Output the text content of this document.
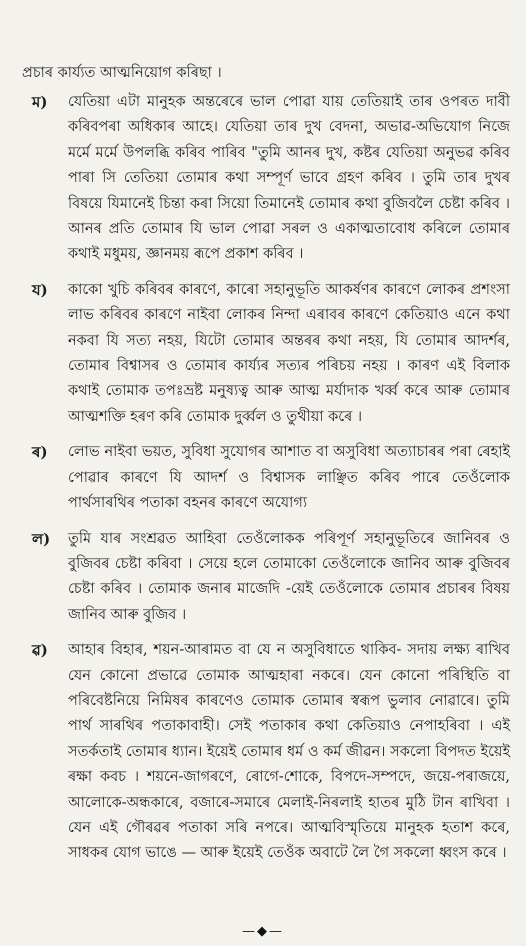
প্ৰচাৰ কাৰ্য্যত আত্মনিয়োগ কৰিছা ।
ম)	যেতিয়া এটা মানুহক অন্তৰেৰে ভাল পোৱা যায় তেতিয়াই তাৰ ওপৰত দাবী কৰিবপৰা অধিকাৰ আহে। যেতিয়া তাৰ দুখ বেদনা, অভাৱ-অভিযোগ নিজে মৰ্মে মৰ্মে উপলব্ধি কৰিব পাৰিব "তুমি আনৰ দুখ, কষ্টৰ যেতিয়া অনুভৱ কৰিব পাৰা সি তেতিয়া তোমাৰ কথা সম্পূৰ্ণ ভাবে গ্ৰহণ কৰিব । তুমি তাৰ দুখৰ বিষয়ে যিমানেই চিন্তা কৰা সিয়ো তিমানেই তোমাৰ কথা বুজিবলৈ চেষ্টা কৰিব । আনৰ প্ৰতি তোমাৰ যি ভাল পোৱা সৰল ও একাত্মতাবোধ কৰিলে তোমাৰ কথাই মধুময়, জ্ঞানময় ৰূপে প্ৰকাশ কৰিব ।
য)	কাকো খুচি কৰিবৰ কাৰণে, কাৰো সহানুভূতি আকৰ্ষণৰ কাৰণে লোকৰ প্ৰশংসা লাভ কৰিবৰ কাৰণে নাইবা লোকৰ নিন্দা এৰাবৰ কাৰণে কেতিয়াও এনে কথা নকবা যি সত্য নহয়, যিটো তোমাৰ অন্তৰৰ কথা নহয়, যি তোমাৰ আদৰ্শৰ, তোমাৰ বিশ্বাসৰ ও তোমাৰ কাৰ্য্যৰ সত্যৰ পৰিচয় নহয় । কাৰণ এই বিলাক কথাই তোমাক তপঃভ্ৰষ্ট মনুষ্যত্ব আৰু আত্ম মৰ্যাদাক খৰ্ব্ব কৰে আৰু তোমাৰ আত্মশক্তি হৰণ কৰি তোমাক দুৰ্ব্বল ও তুথীয়া কৰে ।
ৰ)	লোভ নাইবা ভয়ত, সুবিধা সুযোগৰ আশাত বা অসুবিধা অত্যাচাৰৰ পৰা ৰেহাই পোৱাৰ কাৰণে যি আদৰ্শ ও বিশ্বাসক লাঞ্ছিত কৰিব পাৰে তেওঁলোক পাৰ্থসাৰথিৰ পতাকা বহনৰ কাৰণে অযোগ্য
ল)	তুমি যাৰ সংশ্ৰৱত আহিবা তেওঁলোকক পৰিপূৰ্ণ সহানুভূতিৰে জানিবৰ ও বুজিবৰ চেষ্টা কৰিবা । সেয়ে হলে তোমাকো তেওঁলোকে জানিব আৰু বুজিবৰ চেষ্টা কৰিব । তোমাক জনাৰ মাজেদি -য়েই তেওঁলোকে তোমাৰ প্ৰচাৰৰ বিষয় জানিব আৰু বুজিব ।
ৱ)	আহাৰ বিহাৰ, শয়ন-আৰামত বা যে ন অসুবিধাতে থাকিব- সদায় লক্ষ্য ৰাখিব যেন কোনো প্ৰভাৱে তোমাক আত্মহাৰা নকৰে। যেন কোনো পৰিস্থিতি বা পৰিবেষ্টনিয়ে নিমিষৰ কাৰণেও তোমাক তোমাৰ স্বৰূপ ভুলাব নোৱাৰে। তুমি পাৰ্থ সাৰথিৰ পতাকাবাহী। সেই পতাকাৰ কথা কেতিয়াও নেপাহৰিবা । এই সতৰ্কতাই তোমাৰ ধ্যান। ইয়েই তোমাৰ ধৰ্ম ও কৰ্ম জীৱন। সকলো বিপদত ইয়েই ৰক্ষা কবচ । শয়নে-জাগৰণে, ৰোগে-শোকে, বিপদে-সম্পদে, জয়ে-পৰাজয়ে, আলোকে-অন্ধকাৰে, বজাৰে-সমাৰে মেলাই-নিৰলাই হাতৰ মুঠি টান ৰাখিবা । যেন এই গৌৰৱৰ পতাকা সৰি নপৰে। আত্মবিস্মৃতিয়ে মানুহক হতাশ কৰে, সাধকৰ যোগ ভাঙে — আৰু ইয়েই তেওঁক অবাটে লৈ গৈ সকলো ধ্বংস কৰে ।
—◆—
